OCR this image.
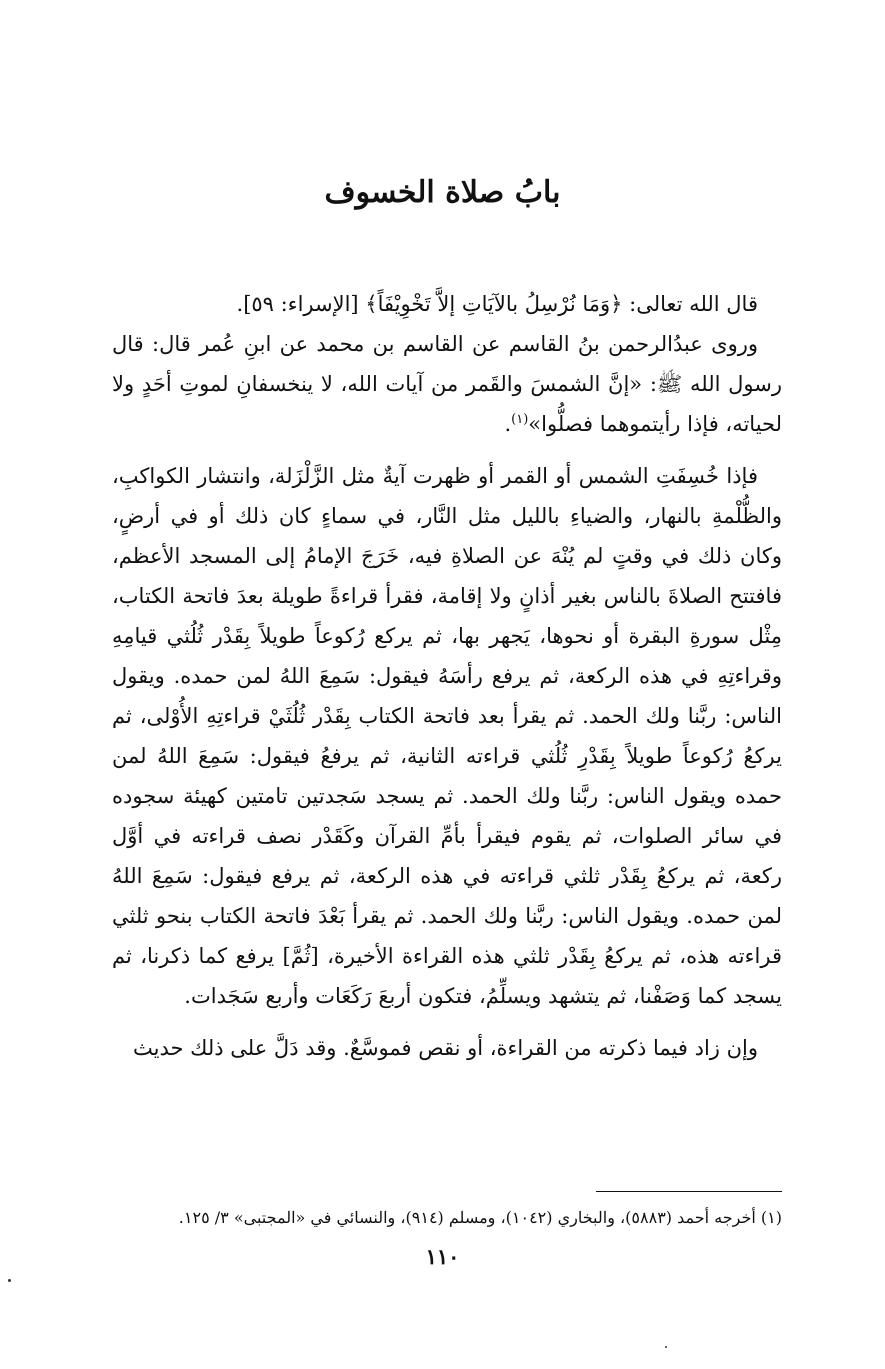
بابُ صلاة الخسوف

قال الله تعالى: ﴿وَمَا نُرْسِلُ بالآيَاتِ إلاَّ تَخْوِيْفَاً﴾ [الإسراء: ٥٩].

وروى عبدُالرحمن بنُ القاسم عن القاسم بن محمد عن ابنِ عُمر قال: قال رسول الله ﷺ: «إنَّ الشمسَ والقَمر من آيات الله، لا ينخسفانِ لموتِ أحَدٍ ولا لحياته، فإذا رأيتموهما فصلُّوا»$^{(١)}$.

فإذا خُسِفَتِ الشمس أو القمر أو ظهرت آيةٌ مثل الزَّلْزَلة، وانتشار الكواكبِ، والظُّلْمةِ بالنهار، والضياءِ بالليل مثل النَّار، في سماءٍ كان ذلك أو في أرضٍ، وكان ذلك في وقتٍ لم يُنْهَ عن الصلاةِ فيه، خَرَجَ الإمامُ إلى المسجد الأعظم، فافتتح الصلاةَ بالناس بغير أذانٍ ولا إقامة، فقرأ قراءةً طويلة بعدَ فاتحة الكتاب، مِثْل سورةِ البقرة أو نحوها، يَجهر بها، ثم يركع رُكوعاً طويلاً بِقَدْر ثُلُثي قيامِهِ وقراءتِهِ في هذه الركعة، ثم يرفع رأسَهُ فيقول: سَمِعَ اللهُ لمن حمده. ويقول الناس: ربَّنا ولك الحمد. ثم يقرأ بعد فاتحة الكتاب بِقَدْر ثُلُثَيْ قراءتِهِ الأُوْلى، ثم يركعُ رُكوعاً طويلاً بِقَدْرِ ثُلُثي قراءته الثانية، ثم يرفعُ فيقول: سَمِعَ اللهُ لمن حمده ويقول الناس: ربَّنا ولك الحمد. ثم يسجد سَجدتين تامتين كهيئة سجوده في سائر الصلوات، ثم يقوم فيقرأ بأمِّ القرآن وكَقَدْر نصف قراءته في أوَّل ركعة، ثم يركعُ بِقَدْر ثلثي قراءته في هذه الركعة، ثم يرفع فيقول: سَمِعَ اللهُ لمن حمده. ويقول الناس: ربَّنا ولك الحمد. ثم يقرأ بَعْدَ فاتحة الكتاب بنحو ثلثي قراءته هذه، ثم يركعُ بِقَدْر ثلثي هذه القراءة الأخيرة، [ثُمَّ] يرفع كما ذكرنا، ثم يسجد كما وَصَفْنا، ثم يتشهد ويسلِّمُ، فتكون أربعَ رَكَعَات وأربع سَجَدات.

وإن زاد فيما ذكرته من القراءة، أو نقص فموسَّعٌ. وقد دَلَّ على ذلك حديث

(١) أخرجه أحمد (٥٨٨٣)، والبخاري (١٠٤٢)، ومسلم (٩١٤)، والنسائي في «المجتبى» ٣/ ١٢٥.

١١٠
